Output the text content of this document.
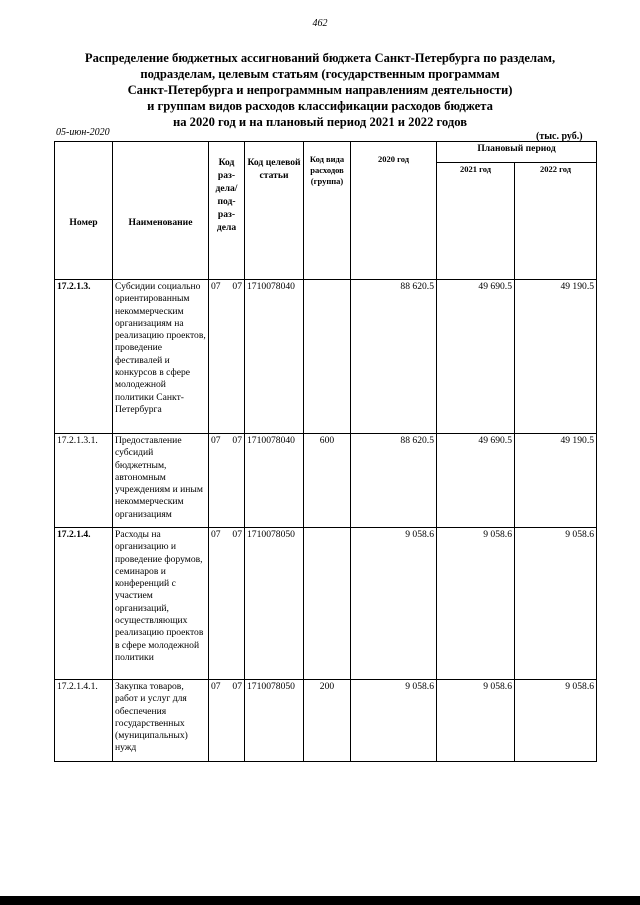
462
Распределение бюджетных ассигнований бюджета Санкт-Петербурга по разделам,
подразделам, целевым статьям (государственным программам
Санкт-Петербурга и непрограммным направлениям деятельности)
и группам видов расходов классификации расходов бюджета
на 2020 год и на плановый период 2021 и 2022 годов
05-июн-2020	(тыс. руб.)
Номер	Наименование	Код раз-дела/ под-раз-дела	Код целевой статьи	Код вида расходов (группа)	2020 год	Плановый период	
						2021 год	2022 год
17.2.1.3.	Субсидии социально ориентированным некоммерческим организациям на реализацию проектов, проведение фестивалей и конкурсов в сфере молодежной политики Санкт-Петербурга	07 07	1710078040		88 620.5	49 690.5	49 190.5
17.2.1.3.1.	Предоставление субсидий бюджетным, автономным учреждениям и иным некоммерческим организациям	07 07	1710078040	600	88 620.5	49 690.5	49 190.5
17.2.1.4.	Расходы на организацию и проведение форумов, семинаров и конференций с участием организаций, осуществляющих реализацию проектов в сфере молодежной политики	07 07	1710078050		9 058.6	9 058.6	9 058.6
17.2.1.4.1.	Закупка товаров, работ и услуг для обеспечения государственных (муниципальных) нужд	07 07	1710078050	200	9 058.6	9 058.6	9 058.6
